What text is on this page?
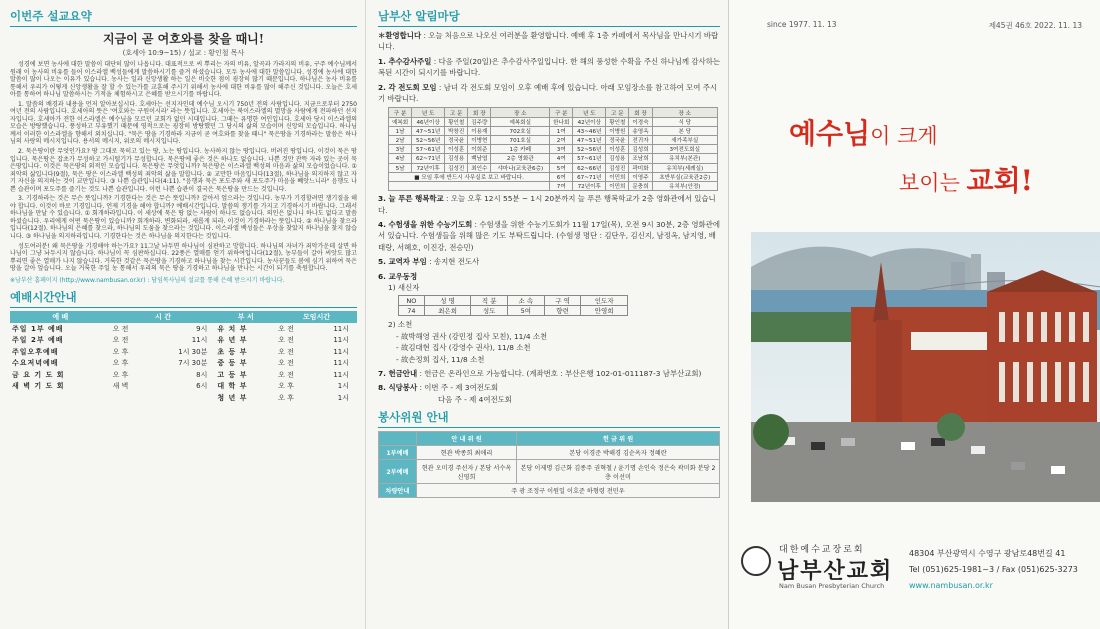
이번주 설교요약
지금이 곧 여호와를 찾을 때니!
(호세아 10:9~15) / 설교 : 황인철 목사

성경에 보면 농사에 대한 말씀이 대단히 많이 나옵니다. 대표적으로 씨 뿌리는 자의 비유, 알곡과 가라지의 비유, 구주 예수님께서 원래 이 농사의 비유를 들어 이스라엘 백성들에게 말씀하시기를 즐겨 하셨습니다. 모두 농사에 대한 말씀입니다. 성경에 농사에 대한 말씀이 많이 나오는 이유가 있습니다. 농사는 일과 신앙생활 하는 일은 비슷한 점이 굉장히 많기 때문입니다. 하나님은 농사 비유를 통해서 우리가 어떻게 신앙생활을 잘 할 수 있는가를 교훈해 주시기 위해서 농사에 대한 비유를 많이 해주신 것입니다. 오늘은 호세아를 통하여 하나님 말씀하시는 기적을 체험하시고 은혜를 받으시기를 바랍니다.

1. 말씀의 배경과 내용을 먼저 알아보십시다. 호세아는 선지자인데 예수님 오시기 750년 전의 사람입니다. 지금으로부터 2750여년 전의 사람입니다. 호세아의 뜻은 '여호와는 구원이시라' 라는 뜻입니다. 호세아는 북이스라엘의 멸망을 사람에게 전파하던 선지자입니다. 호세아가 전한 이스라엘은 예수님을 모르던 교회가 없던 시대입니다. 그때는 유명한 여인입니다. 호세아 당시 이스라엘의 모습은 방탕했습니다. 풍성하고 부유했기 때문에 영적으로는 굉장히 방탕했던 그 당시의 삶의 모습이며 신앙의 모습입니다. 하나님께서 이러한 이스라엘을 향해서 외치십니다. "묵은 땅을 기경하라 지금이 곧 여호와를 찾을 때니" 묵은땅을 기경하라는 말씀은 하나님의 사랑의 메시지입니다. 용서의 메시지, 위로의 메시지입니다.

2. 묵은땅이란 무엇인가요? 땅 그대로 묵히고 있는 땅, 노는 땅입니다. 농사하지 않는 땅입니다. 버려진 땅입니다. 이것이 묵은 땅입니다. 묵은땅은 잡초가 무성하고 가시떨기가 무성합니다. 묵은땅에 좋은 것은 하나도 없습니다. 나쁜 것만 잔뜩 자라 있는 곳이 묵은땅입니다. 이것은 묵은땅의 외적인 모습입니다. 묵은땅은 무엇입니까? 묵은땅은 이스라엘 백성의 마음과 삶의 모습이었습니다. ① 죄악의 삶입니다(9절), 묵은 땅은 이스라엘 백성의 죄악의 삶을 말합니다. ② 교만한 마음입니다(13절), 하나님을 의지하지 않고 자기 자신을 의지하는 것이 교만입니다. ③ 나쁜 습관입니다(4:11). "음행과 묵은 포도주와 새 포도주가 마음을 빼앗느니라" 음행도 나쁜 습관이며 포도주를 즐기는 것도 나쁜 습관입니다. 이런 나쁜 습관이 결국은 묵은땅을 만드는 것입니다.

3. 기경하라는 것은 무슨 뜻입니까? 기경한다는 것은 무슨 뜻입니까? 갈아서 엎으라는 것입니다. 농부가 기경할려면 쟁기질을 해야 합니다. 이것이 바로 기경입니다. 언제 기경을 해야 합니까? 예배시간입니다. 말씀의 쟁기를 가지고 기경하시기 바랍니다. 그래서 하나님을 만날 수 있습니다. ① 회개하라입니다. 이 세상에 묵은 땅 없는 사람이 하나도 없습니다. 의인은 없나니 하나도 없다고 말씀하셨습니다. 우리에게 어떤 묵은땅이 있습니까? 회개하라. 변화되라, 새롭게 되라. 이것이 기경하라는 뜻입니다. ② 하나님을 찾으라입니다(12절). 하나님의 은혜를 찾으라, 하나님의 도움을 찾으라는 것입니다. 이스라엘 백성들은 우상을 찾았지 하나님을 찾지 않습니다. ③ 하나님을 의지하라입니다. 기경한다는 것은 하나님을 의지한다는 것입니다.

성도여러분! 왜 묵은땅을 기경해야 하는가요? 11그날 놔두면 하나님이 심판하고 망합니다. 하나님의 자녀가 죄악가운데 살면 하나님이 그냥 놔두시지 않습니다. 하나님이 꼭 심판하십니다. 22풍은 열매를 얻기 위하여입니다(12절), 농부들이 갈아 씨앗도 많고 뿌리면 좋은 열매가 나지 않습니다. 거룩한 것같은 묵은땅을 기경하고 하나님을 찾는 시간입니다. 농사꾼들도 봄에 심기 위하여 묵은땅을 갈아 엎습니다. 오늘 거룩한 주일 농 통해서 우리의 묵은 땅을 기경하고 하나님을 만나는 시간이 되기를 축원합니다.

※남부산 홈페이지 (http://www.nambusan.or.kr) : 담임목사님의 설교를 통해 은혜 받으시기 바랍니다.
예배시간안내
예 배	시 간		부 서	모임시간	
주일 1부 예배	오 전	9시	유 치 부	오 전	11시
주일 2부 예배	오 전	11시	유 년 부	오 전	11시
주일오후예배	오 후	1시 30분	초 등 부	오 전	11시
수요저녁예배	오 후	7시 30분	중 등 부	오 전	11시
금 요 기 도 회	오 후	8시	고 등 부	오 전	11시
새 벽 기 도 회	새 벽	6시	대 학 부	오 후	1시
			청 년 부	오 후	1시
남부산 알림마당
＊환영합니다 : 오늘 처음으로 나오신 여러분을 환영합니다. 예배 후 1층 카페에서 목사님을 만나시기 바랍니다.
1. 추수감사주일 : 다음 주일(20일)은 추수감사주일입니다. 한 해의 풍성한 수확을 주신 하나님께 감사하는 복된 시간이 되시기를 바랍니다.
2. 각 전도회 모임 : 남녀 각 전도회 모임이 오후 예배 후에 있습니다. 아래 모임장소를 참고하여 모여 주시기 바랍니다.
구 분	년 도	고 문	회 장	장 소	구 분	년 도	고 문	회 장	장 소
예복회	46년이상	황인철	김주량	예복회실	한나회	42년이상	황인철	이경숙	식 당
1남	47~51년	박창진	이용재	702호실	1여	43~46년	이병원	송영옥	본 당
2남	52~56년	정국윤	이병현	701호실	2여	47~51년	정국윤	전귀자	새가족부실
3남	57~61년	이성훈	이희준	1층 카페	3여	52~56년	이성훈	김성희	3여전도회실
4남	62~71년	김성용	백남엽	2층 영화관	4여	57~61년	김성용	조남희	유치부(본관)
5남	72년이후	김성진	최인수	샤마나(교육관6층)	5여	62~66년	김성진	곽미화	유치부(세례실)
■ 모임 후에 반드시 사무실로 보고 바랍니다.					6여	67~71년	이민희	이영주	초반부실(교육관2층)
					7여	72년이후	이민희	문충희	유치부(안정)
3. 늘 푸른 행복학교 : 오늘 오후 12시 55분 ~ 1시 20분까지 늘 푸른 행복학교가 2층 영화관에서 있습니다.
4. 수험생을 위한 수능기도회 : 수험생을 위한 수능기도회가 11월 17일(목), 오전 9시 30분, 2층 영화관에서 있습니다. 수험생들을 위해 많은 기도 부탁드립니다. (수험생 명단 : 김단우, 김신지, 남정옥, 남지영, 배태랑, 서혜호, 이진강, 전승민)
5. 교역자 부임 : 송지현 전도사
6. 교우동정
1) 새신자
NO	성 명	직 분	소 속	구 역	인도자
74	최은희	성도	5여	향련	안영희
2) 소천
- 故박해영 권사 (강민정 집사 모친), 11/4 소천
- 故김대현 집사 (강영수 권사), 11/8 소천
- 故손정희 집사, 11/8 소천
7. 헌금안내 : 헌금은 온라인으로 가능합니다. (계좌번호 : 부산은행 102-01-011187-3 남부산교회)
8. 식당봉사 : 이번 주 - 제 3여전도회
다음 주 - 제 4여전도회
봉사위원 안내
	안 내 위 원	헌 금 위 원
1부예배	현관 박종희 최애리	본당 이경준 박해경 김순옥자 정혜란
2부예배	현관 오미경 주선자 / 본당 서수옥 신영희	본당 이제명 김근화 김종주 권혁철 / 윤기명 손인숙 정은숙 곽미화 분당 2층 이선미
차량안내	주 광 조정구 이원일 이호준 하형령 전민우	
since 1977. 11. 13	제45권 46호 2022. 11. 13
예수님이 크게
보이는 교회!
대한예수교장로회
남부산교회
Nam Busan Presbyterian Church
48304 부산광역시 수영구 광남로48번길 41
Tel (051)625-1981~3 / Fax (051)625-3273
www.nambusan.or.kr
